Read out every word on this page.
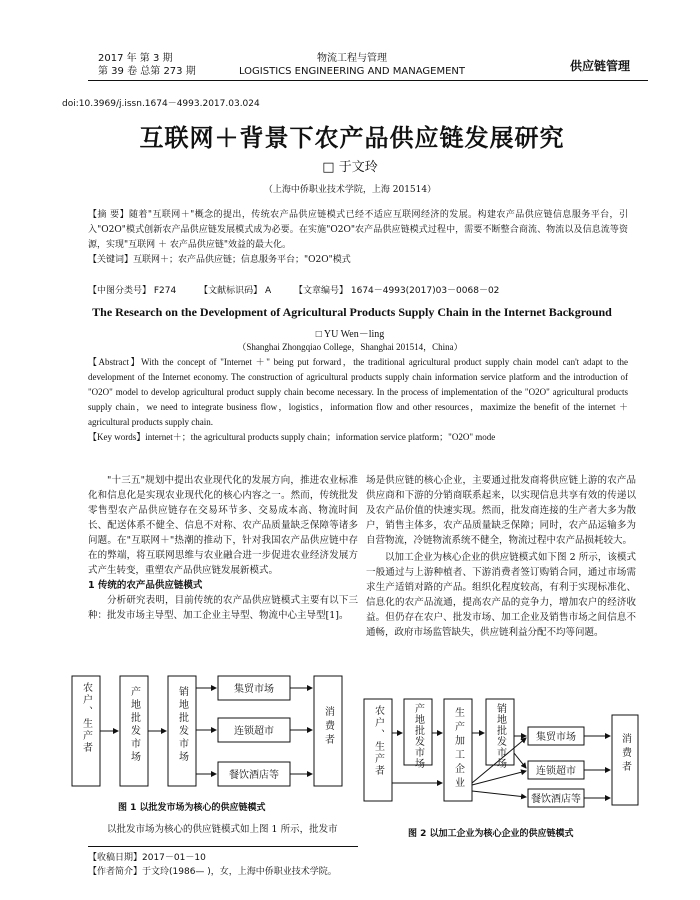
2017 年 第 3 期
第 39 卷 总第 273 期
物流工程与管理
LOGISTICS ENGINEERING AND MANAGEMENT	供应链管理
doi:10.3969/j.issn.1674－4993.2017.03.024
互联网＋背景下农产品供应链发展研究
□ 于文玲
（上海中侨职业技术学院，上海 201514）
【摘 要】随着"互联网＋"概念的提出，传统农产品供应链模式已经不适应互联网经济的发展。构建农产品供应链信息服务平台，引入"O2O"模式创新农产品供应链发展模式成为必要。在实施"O2O"农产品供应链模式过程中，需要不断整合商流、物流以及信息流等资源，实现"互联网 ＋ 农产品供应链"效益的最大化。
【关键词】互联网＋；农产品供应链；信息服务平台；"O2O"模式
【中图分类号】 F274	【文献标识码】 A	【文章编号】 1674－4993(2017)03－0068－02
The Research on the Development of Agricultural Products Supply Chain in the Internet Background
□ YU Wen－ling
（Shanghai Zhongqiao College，Shanghai 201514，China）
【Abstract】With the concept of "Internet ＋" being put forward，the traditional agricultural product supply chain model can't adapt to the development of the Internet economy. The construction of agricultural products supply chain information service platform and the introduction of "O2O" model to develop agricultural product supply chain become necessary. In the process of implementation of the "O2O" agricultural products supply chain，we need to integrate business flow，logistics，information flow and other resources，maximize the benefit of the internet ＋ agricultural products supply chain.
【Key words】internet＋；the agricultural products supply chain；information service platform；"O2O" mode

"十三五"规划中提出农业现代化的发展方向，推进农业标准化和信息化是实现农业现代化的核心内容之一。然而，传统批发零售型农产品供应链存在交易环节多、交易成本高、物流时间长、配送体系不健全、信息不对称、农产品质量缺乏保障等诸多问题。在"互联网＋"热潮的推动下，针对我国农产品供应链中存在的弊端，将互联网思维与农业融合进一步促进农业经济发展方式产生转变，重塑农产品供应链发展新模式。

1 传统的农产品供应链模式

分析研究表明，目前传统的农产品供应链模式主要有以下三种：批发市场主导型、加工企业主导型、物流中心主导型[1]。

农户、生产者	产地批发市场	销地批发市场	集贸市场
连锁超市
餐饮酒店等
消费者
图 1 以批发市场为核心的供应链模式

以批发市场为核心的供应链模式如上图 1 所示，批发市

场是供应链的核心企业，主要通过批发商将供应链上游的农产品供应商和下游的分销商联系起来，以实现信息共享有效的传递以及农产品价值的快速实现。然而，批发商连接的生产者大多为散户，销售主体多，农产品质量缺乏保障；同时，农产品运输多为自营物流，冷链物流系统不健全，物流过程中农产品损耗较大。

以加工企业为核心企业的供应链模式如下图 2 所示，该模式一般通过与上游种植者、下游消费者签订购销合同，通过市场需求生产适销对路的产品。组织化程度较高，有利于实现标准化、信息化的农产品流通，提高农产品的竞争力，增加农户的经济收益。但仍存在农户、批发市场、加工企业及销售市场之间信息不通畅，政府市场监管缺失，供应链利益分配不均等问题。

农户、生产者	产地批发市场	生产加工企业	销地批发市场	集贸市场
连锁超市
餐饮酒店等
消费者
图 2 以加工企业为核心企业的供应链模式
【收稿日期】2017－01－10
【作者简介】于文玲(1986— )，女，上海中侨职业技术学院。
